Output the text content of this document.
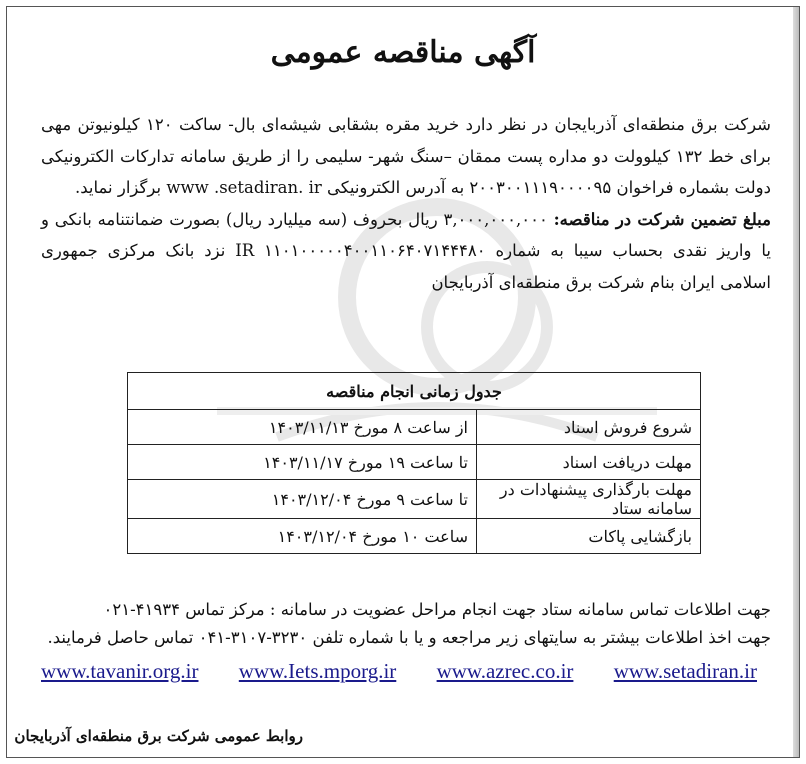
آگهی مناقصه عمومی

شرکت برق منطقه‌ای آذربایجان در نظر دارد خرید مقره بشقابی شیشه‌ای بال- ساکت ۱۲۰ کیلونیوتن مهی برای خط ۱۳۲ کیلوولت دو مداره پست ممقان –سنگ شهر- سلیمی را از طریق سامانه تدارکات الکترونیکی دولت بشماره فراخوان ۲۰۰۳۰۰۱۱۱۹۰۰۰۰۹۵ به آدرس الکترونیکی www .setadiran. ir برگزار نماید.

مبلغ تضمین شرکت در مناقصه: ۳,۰۰۰,۰۰۰,۰۰۰ ریال بحروف (سه میلیارد ریال) بصورت ضمانتنامه بانکی و یا واریز نقدی بحساب سیبا به شماره IR ۱۱۰۱۰۰۰۰۰۴۰۰۱۱۰۶۴۰۷۱۴۴۴۸۰ نزد بانک مرکزی جمهوری اسلامی ایران بنام شرکت برق منطقه‌ای آذربایجان

جدول زمانی انجام مناقصه	
شروع فروش اسناد	از ساعت ۸ مورخ ۱۴۰۳/۱۱/۱۳
مهلت دریافت اسناد	تا ساعت ۱۹ مورخ ۱۴۰۳/۱۱/۱۷
مهلت بارگذاری پیشنهادات در سامانه ستاد	تا ساعت ۹ مورخ ۱۴۰۳/۱۲/۰۴
بازگشایی پاکات	ساعت ۱۰ مورخ ۱۴۰۳/۱۲/۰۴
جهت اطلاعات تماس سامانه ستاد جهت انجام مراحل عضویت در سامانه : مرکز تماس ۴۱۹۳۴-۰۲۱
جهت اخذ اطلاعات بیشتر به سایتهای زیر مراجعه و یا با شماره تلفن ۳۲۳۰-۳۱۰۷-۰۴۱ تماس حاصل فرمایند.
www.tavanir.org.ir www.Iets.mporg.ir www.azrec.co.ir www.setadiran.ir
روابط عمومی شرکت برق منطقه‌ای آذربایجان
